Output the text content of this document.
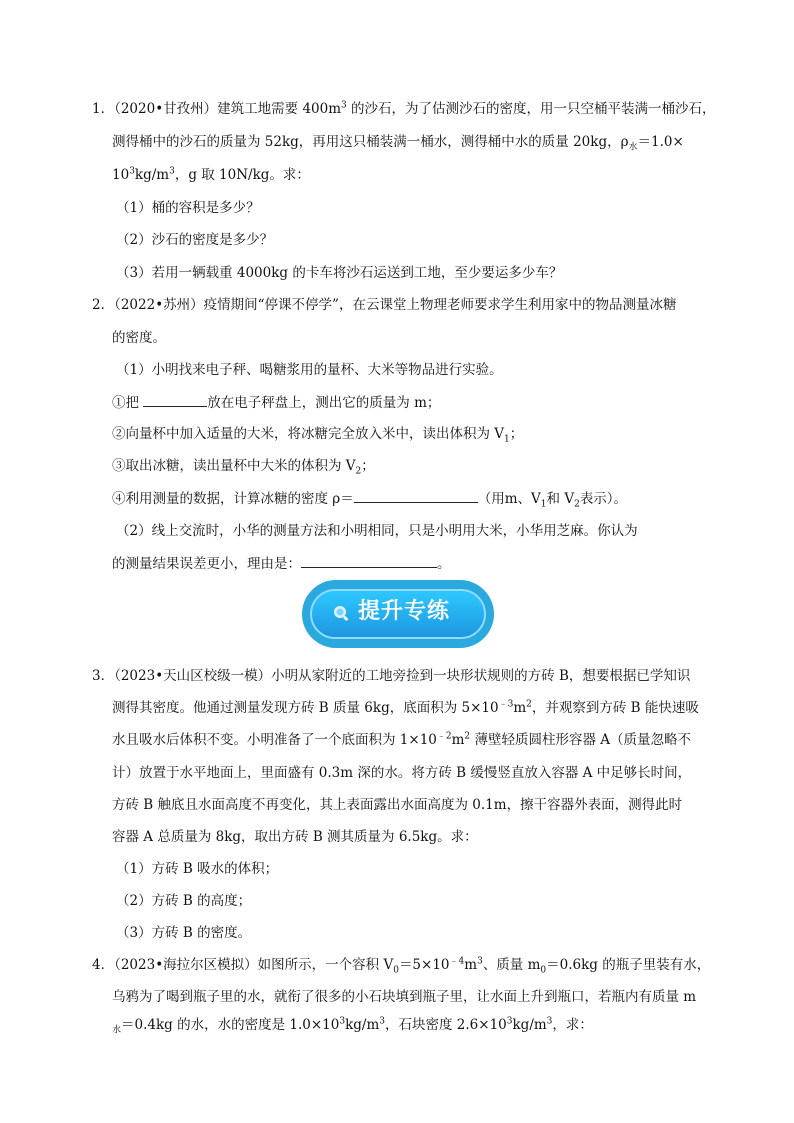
1．（2020•甘孜州）建筑工地需要 $400m^3$ 的沙石，为了估测沙石的密度，用一只空桶平装满一桶沙石，
测得桶中的沙石的质量为 52kg，再用这只桶装满一桶水，测得桶中水的质量 20kg，$\rho_水=1.0\times$
$10^3kg/m^3$，g 取 10N/kg。求：
（1）桶的容积是多少？
（2）沙石的密度是多少？
（3）若用一辆载重 4000kg 的卡车将沙石运送到工地，至少要运多少车？
2．（2022•苏州）疫情期间“停课不停学”，在云课堂上物理老师要求学生利用家中的物品测量冰糖
的密度。
（1）小明找来电子秤、喝糖浆用的量杯、大米等物品进行实验。
①把	放在电子秤盘上，测出它的质量为 m；
②向量杯中加入适量的大米，将冰糖完全放入米中，读出体积为 $V_1$；
③取出冰糖，读出量杯中大米的体积为 $V_2$；
④利用测量的数据，计算冰糖的密度 ρ＝	（用m、$V_1$和 $V_2$表示）。
（2）线上交流时，小华的测量方法和小明相同，只是小明用大米，小华用芝麻。你认为
的测量结果误差更小，理由是：	。
提升专练
3．（2023•天山区校级一模）小明从家附近的工地旁捡到一块形状规则的方砖 B，想要根据已学知识
测得其密度。他通过测量发现方砖 B 质量 6kg，底面积为 $5\times 10^{﹣3}m^2$，并观察到方砖 B 能快速吸
水且吸水后体积不变。小明准备了一个底面积为 $1\times 10^{﹣2}m^2$ 薄壁轻质圆柱形容器 A（质量忽略不
计）放置于水平地面上，里面盛有 0.3m 深的水。将方砖 B 缓慢竖直放入容器 A 中足够长时间，
方砖 B 触底且水面高度不再变化，其上表面露出水面高度为 0.1m，擦干容器外表面，测得此时
容器 A 总质量为 8kg，取出方砖 B 测其质量为 6.5kg。求：
（1）方砖 B 吸水的体积；
（2）方砖 B 的高度；
（3）方砖 B 的密度。
4．（2023•海拉尔区模拟）如图所示，一个容积 $V_0=5\times 10^{﹣4}m^3$、质量 $m_0=0.6kg$ 的瓶子里装有水，
乌鸦为了喝到瓶子里的水，就衔了很多的小石块填到瓶子里，让水面上升到瓶口，若瓶内有质量 m
$_水$＝0.4kg 的水，水的密度是 $1.0\times 10^3kg/m^3$，石块密度 $2.6\times 10^3kg/m^3$，求：
